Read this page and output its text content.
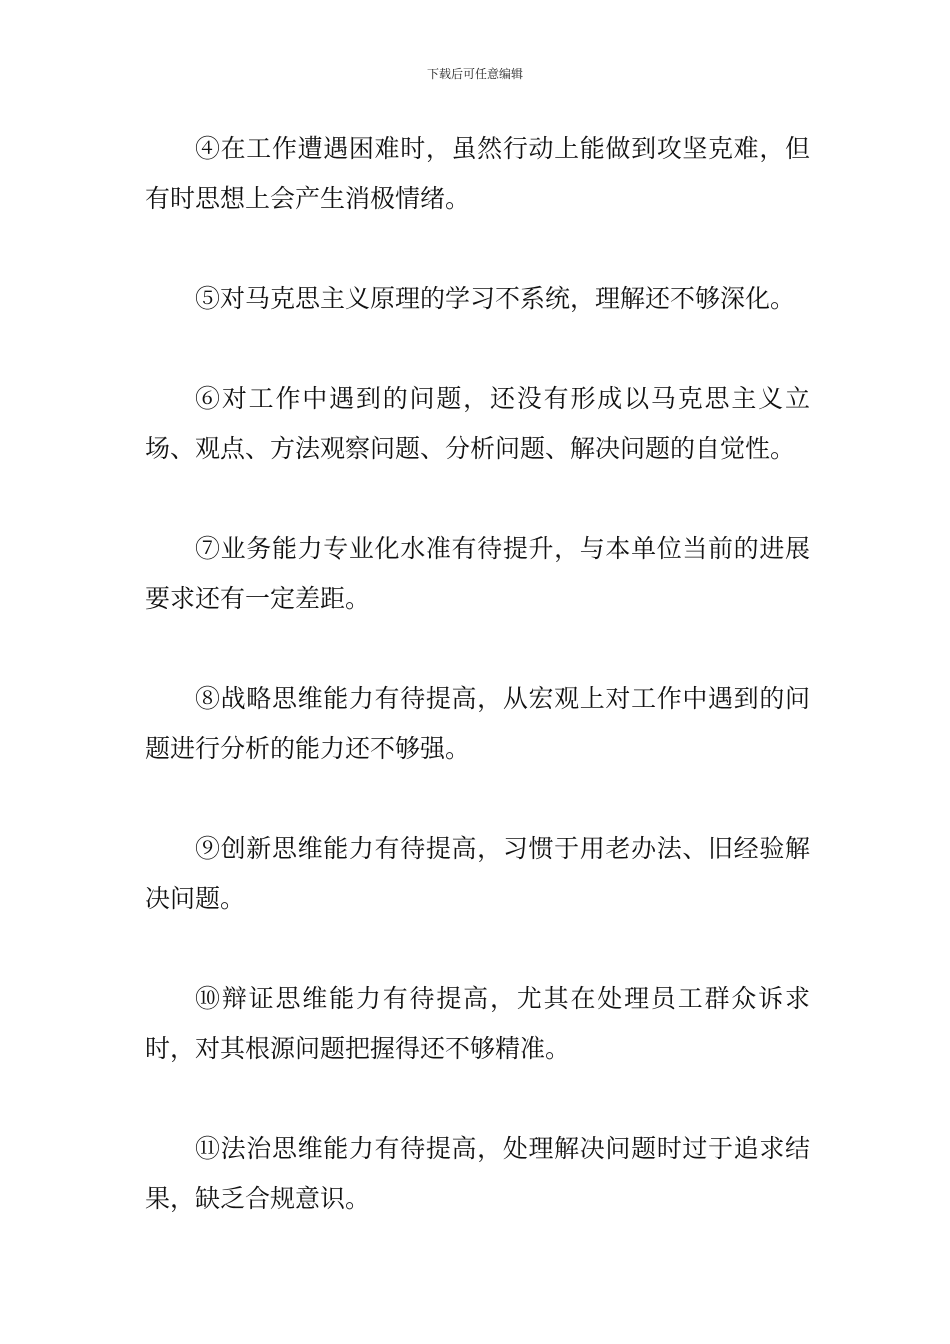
下载后可任意编辑

④在工作遭遇困难时，虽然行动上能做到攻坚克难，但有时思想上会产生消极情绪。

⑤对马克思主义原理的学习不系统，理解还不够深化。

⑥对工作中遇到的问题，还没有形成以马克思主义立场、观点、方法观察问题、分析问题、解决问题的自觉性。

⑦业务能力专业化水准有待提升，与本单位当前的进展要求还有一定差距。

⑧战略思维能力有待提高，从宏观上对工作中遇到的问题进行分析的能力还不够强。

⑨创新思维能力有待提高，习惯于用老办法、旧经验解决问题。

⑩辩证思维能力有待提高，尤其在处理员工群众诉求时，对其根源问题把握得还不够精准。

⑪法治思维能力有待提高，处理解决问题时过于追求结果，缺乏合规意识。
